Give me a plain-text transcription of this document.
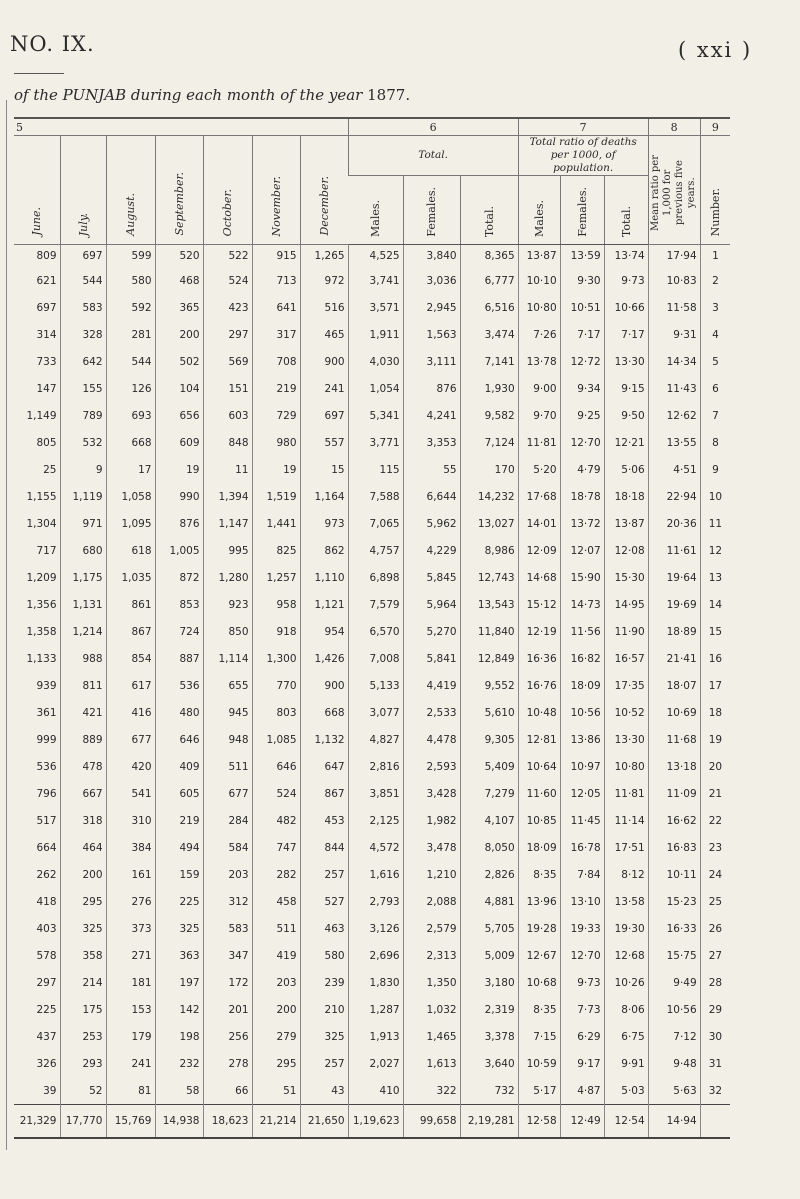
NO. IX.	( xxi )
of the PUNJAB during each month of the year 1877.
5							6			7			8	9
June.	July.	August.	September.	October.	November.	December.	Total.			Total ratio of deaths per 1000, of population.			Mean ratio per 1,000 for previous five years.	Number.
							Males.	Females.	Total.	Males.	Females.	Total.		
809	697	599	520	522	915	1,265	4,525	3,840	8,365	13·87	13·59	13·74	17·94	1
621	544	580	468	524	713	972	3,741	3,036	6,777	10·10	9·30	9·73	10·83	2
697	583	592	365	423	641	516	3,571	2,945	6,516	10·80	10·51	10·66	11·58	3
314	328	281	200	297	317	465	1,911	1,563	3,474	7·26	7·17	7·17	9·31	4
733	642	544	502	569	708	900	4,030	3,111	7,141	13·78	12·72	13·30	14·34	5
147	155	126	104	151	219	241	1,054	876	1,930	9·00	9·34	9·15	11·43	6
1,149	789	693	656	603	729	697	5,341	4,241	9,582	9·70	9·25	9·50	12·62	7
805	532	668	609	848	980	557	3,771	3,353	7,124	11·81	12·70	12·21	13·55	8
25	9	17	19	11	19	15	115	55	170	5·20	4·79	5·06	4·51	9
1,155	1,119	1,058	990	1,394	1,519	1,164	7,588	6,644	14,232	17·68	18·78	18·18	22·94	10
1,304	971	1,095	876	1,147	1,441	973	7,065	5,962	13,027	14·01	13·72	13·87	20·36	11
717	680	618	1,005	995	825	862	4,757	4,229	8,986	12·09	12·07	12·08	11·61	12
1,209	1,175	1,035	872	1,280	1,257	1,110	6,898	5,845	12,743	14·68	15·90	15·30	19·64	13
1,356	1,131	861	853	923	958	1,121	7,579	5,964	13,543	15·12	14·73	14·95	19·69	14
1,358	1,214	867	724	850	918	954	6,570	5,270	11,840	12·19	11·56	11·90	18·89	15
1,133	988	854	887	1,114	1,300	1,426	7,008	5,841	12,849	16·36	16·82	16·57	21·41	16
939	811	617	536	655	770	900	5,133	4,419	9,552	16·76	18·09	17·35	18·07	17
361	421	416	480	945	803	668	3,077	2,533	5,610	10·48	10·56	10·52	10·69	18
999	889	677	646	948	1,085	1,132	4,827	4,478	9,305	12·81	13·86	13·30	11·68	19
536	478	420	409	511	646	647	2,816	2,593	5,409	10·64	10·97	10·80	13·18	20
796	667	541	605	677	524	867	3,851	3,428	7,279	11·60	12·05	11·81	11·09	21
517	318	310	219	284	482	453	2,125	1,982	4,107	10·85	11·45	11·14	16·62	22
664	464	384	494	584	747	844	4,572	3,478	8,050	18·09	16·78	17·51	16·83	23
262	200	161	159	203	282	257	1,616	1,210	2,826	8·35	7·84	8·12	10·11	24
418	295	276	225	312	458	527	2,793	2,088	4,881	13·96	13·10	13·58	15·23	25
403	325	373	325	583	511	463	3,126	2,579	5,705	19·28	19·33	19·30	16·33	26
578	358	271	363	347	419	580	2,696	2,313	5,009	12·67	12·70	12·68	15·75	27
297	214	181	197	172	203	239	1,830	1,350	3,180	10·68	9·73	10·26	9·49	28
225	175	153	142	201	200	210	1,287	1,032	2,319	8·35	7·73	8·06	10·56	29
437	253	179	198	256	279	325	1,913	1,465	3,378	7·15	6·29	6·75	7·12	30
326	293	241	232	278	295	257	2,027	1,613	3,640	10·59	9·17	9·91	9·48	31
39	52	81	58	66	51	43	410	322	732	5·17	4·87	5·03	5·63	32
21,329	17,770	15,769	14,938	18,623	21,214	21,650	1,19,623	99,658	2,19,281	12·58	12·49	12·54	14·94	
